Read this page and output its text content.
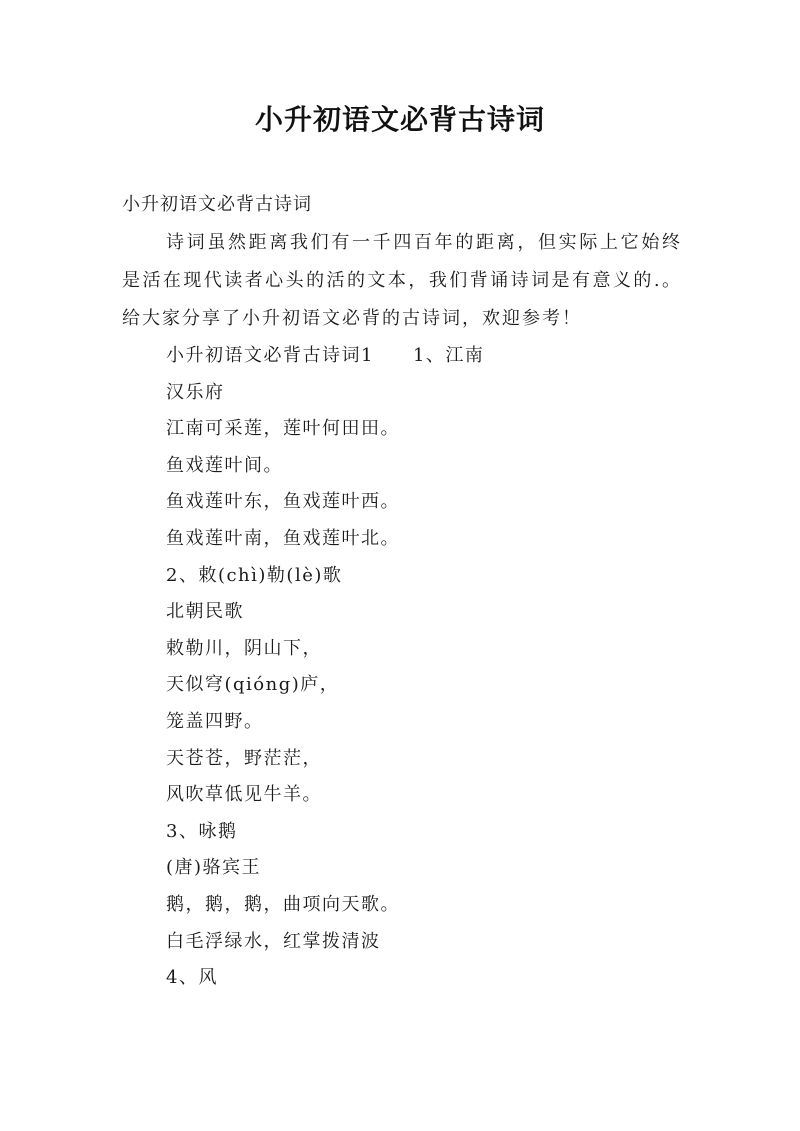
小升初语文必背古诗词
小升初语文必背古诗词
诗词虽然距离我们有一千四百年的距离，但实际上它始终是活在现代读者心头的活的文本，我们背诵诗词是有意义的.。给大家分享了小升初语文必背的古诗词，欢迎参考！
小升初语文必背古诗词1　　1、江南
汉乐府
江南可采莲，莲叶何田田。
鱼戏莲叶间。
鱼戏莲叶东，鱼戏莲叶西。
鱼戏莲叶南，鱼戏莲叶北。
2、敕(chì)勒(lè)歌
北朝民歌
敕勒川，阴山下，
天似穹(qióng)庐，
笼盖四野。
天苍苍，野茫茫，
风吹草低见牛羊。
3、咏鹅
(唐)骆宾王
鹅，鹅，鹅，曲项向天歌。
白毛浮绿水，红掌拨清波
4、风
